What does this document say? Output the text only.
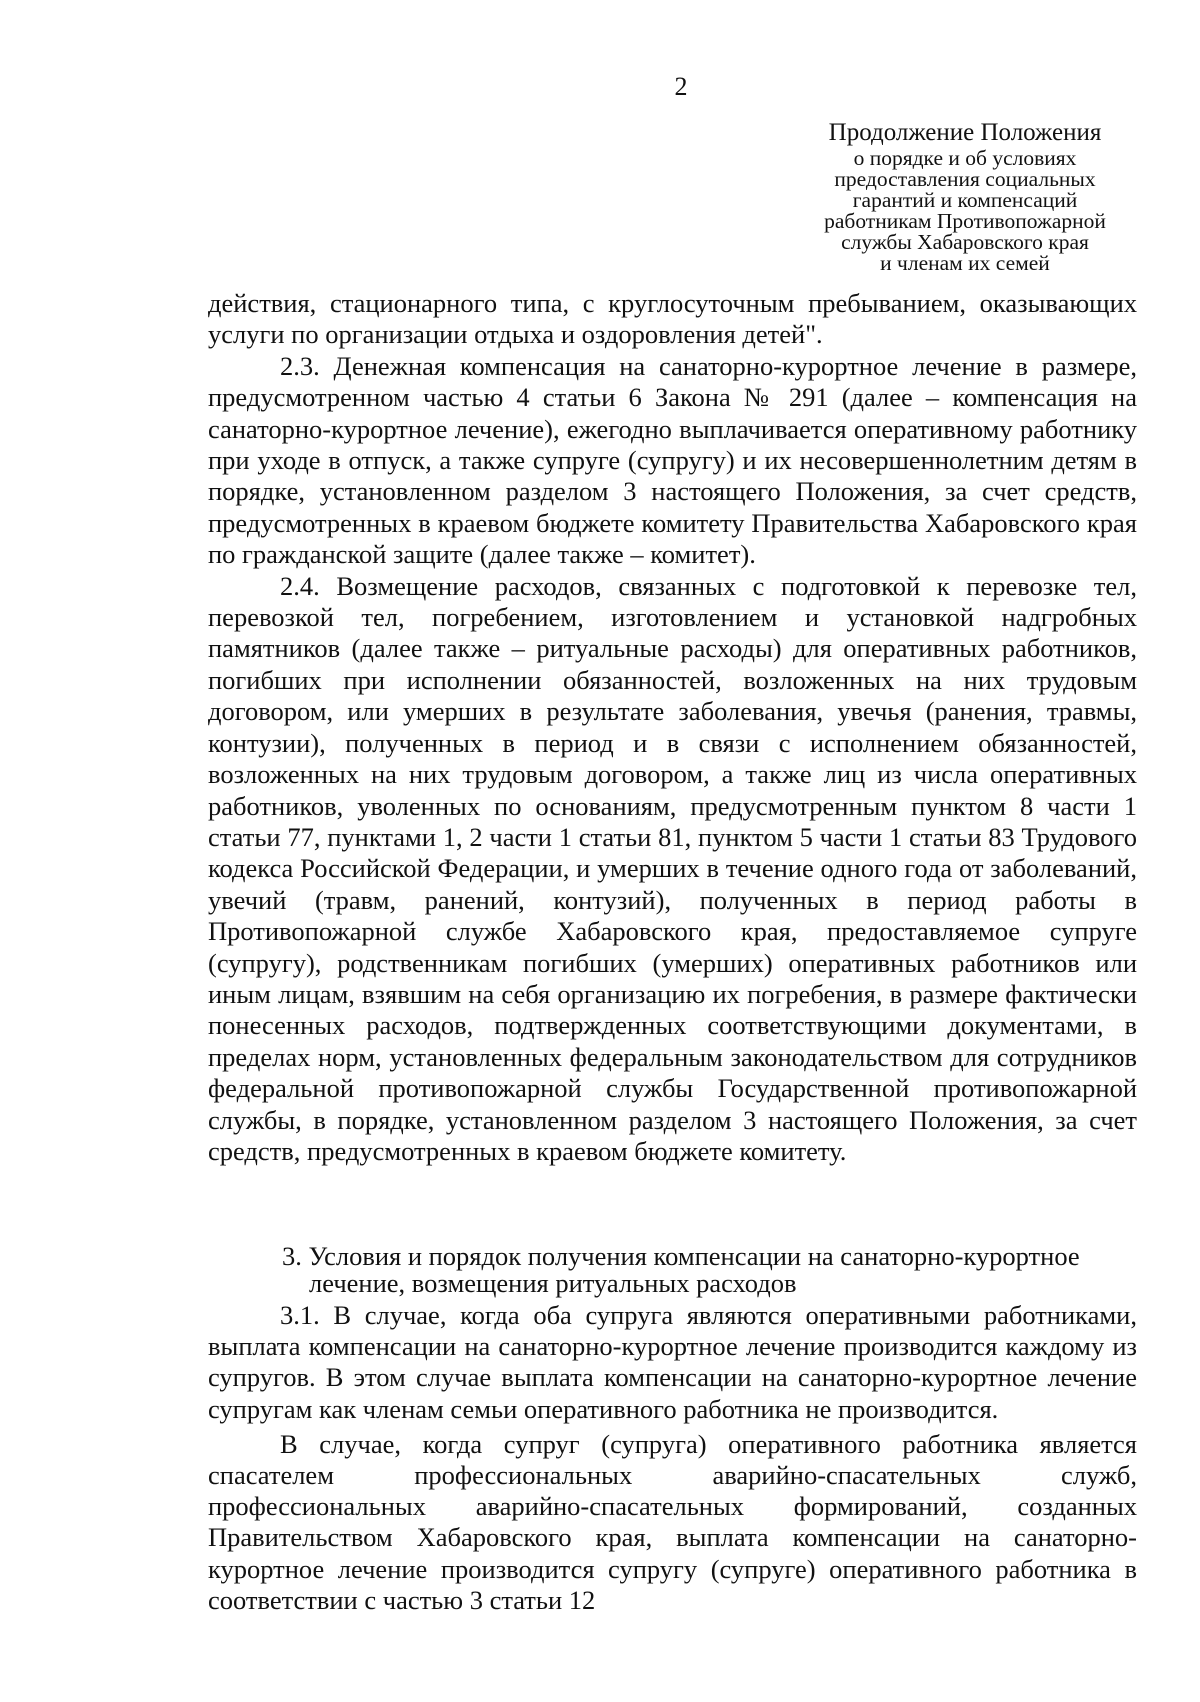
2
Продолжение Положения
о порядке и об условиях
предоставления социальных
гарантий и компенсаций
работникам Противопожарной
службы Хабаровского края
и членам их семей

действия, стационарного типа, с круглосуточным пребыванием, оказывающих услуги по организации отдыха и оздоровления детей".

2.3. Денежная компенсация на санаторно-курортное лечение в размере, предусмотренном частью 4 статьи 6 Закона № 291 (далее – компенсация на санаторно-курортное лечение), ежегодно выплачивается оперативному работнику при уходе в отпуск, а также супруге (супругу) и их несовершеннолетним детям в порядке, установленном разделом 3 настоящего Положения, за счет средств, предусмотренных в краевом бюджете комитету Правительства Хабаровского края по гражданской защите (далее также – комитет).

2.4. Возмещение расходов, связанных с подготовкой к перевозке тел, перевозкой тел, погребением, изготовлением и установкой надгробных памятников (далее также – ритуальные расходы) для оперативных работников, погибших при исполнении обязанностей, возложенных на них трудовым договором, или умерших в результате заболевания, увечья (ранения, травмы, контузии), полученных в период и в связи с исполнением обязанностей, возложенных на них трудовым договором, а также лиц из числа оперативных работников, уволенных по основаниям, предусмотренным пунктом 8 части 1 статьи 77, пунктами 1, 2 части 1 статьи 81, пунктом 5 части 1 статьи 83 Трудового кодекса Российской Федерации, и умерших в течение одного года от заболеваний, увечий (травм, ранений, контузий), полученных в период работы в Противопожарной службе Хабаровского края, предоставляемое супруге (супругу), родственникам погибших (умерших) оперативных работников или иным лицам, взявшим на себя организацию их погребения, в размере фактически понесенных расходов, подтвержденных соответствующими документами, в пределах норм, установленных федеральным законодательством для сотрудников федеральной противопожарной службы Государственной противопожарной службы, в порядке, установленном разделом 3 настоящего Положения, за счет средств, предусмотренных в краевом бюджете комитету.

3. Условия и порядок получения компенсации на санаторно-курортное
лечение, возмещения ритуальных расходов

3.1. В случае, когда оба супруга являются оперативными работниками, выплата компенсации на санаторно-курортное лечение производится каждому из супругов. В этом случае выплата компенсации на санаторно-курортное лечение супругам как членам семьи оперативного работника не производится.

В случае, когда супруг (супруга) оперативного работника является спасателем профессиональных аварийно-спасательных служб, профессиональных аварийно-спасательных формирований, созданных Правительством Хабаровского края, выплата компенсации на санаторно-курортное лечение производится супругу (супруге) оперативного работника в соответствии с частью 3 статьи 12
